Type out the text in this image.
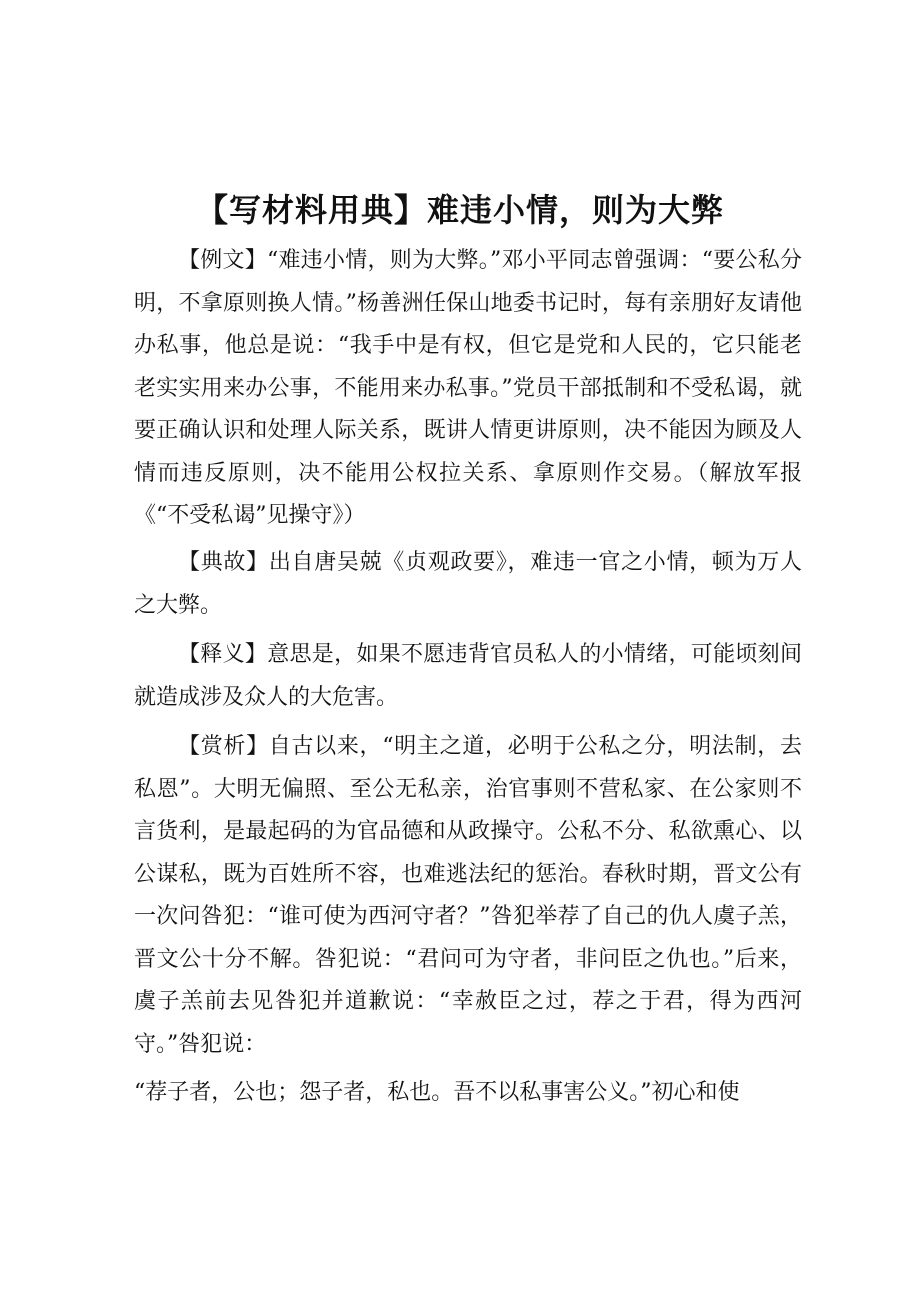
【写材料用典】难违小情，则为大弊

【例文】“难违小情，则为大弊。”邓小平同志曾强调：“要公私分明，不拿原则换人情。”杨善洲任保山地委书记时，每有亲朋好友请他办私事，他总是说：“我手中是有权，但它是党和人民的，它只能老老实实用来办公事，不能用来办私事。”党员干部抵制和不受私谒，就要正确认识和处理人际关系，既讲人情更讲原则，决不能因为顾及人情而违反原则，决不能用公权拉关系、拿原则作交易。（解放军报《“不受私谒”见操守》）

【典故】出自唐吴兢《贞观政要》，难违一官之小情，顿为万人之大弊。

【释义】意思是，如果不愿违背官员私人的小情绪，可能顷刻间就造成涉及众人的大危害。

【赏析】自古以来，“明主之道，必明于公私之分，明法制，去私恩”。大明无偏照、至公无私亲，治官事则不营私家、在公家则不言货利，是最起码的为官品德和从政操守。公私不分、私欲熏心、以公谋私，既为百姓所不容，也难逃法纪的惩治。春秋时期，晋文公有一次问咎犯：“谁可使为西河守者？”咎犯举荐了自己的仇人虞子羔，晋文公十分不解。咎犯说：“君问可为守者，非问臣之仇也。”后来，虞子羔前去见咎犯并道歉说：“幸赦臣之过，荐之于君，得为西河守。”咎犯说：

“荐子者，公也；怨子者，私也。吾不以私事害公义。”初心和使
